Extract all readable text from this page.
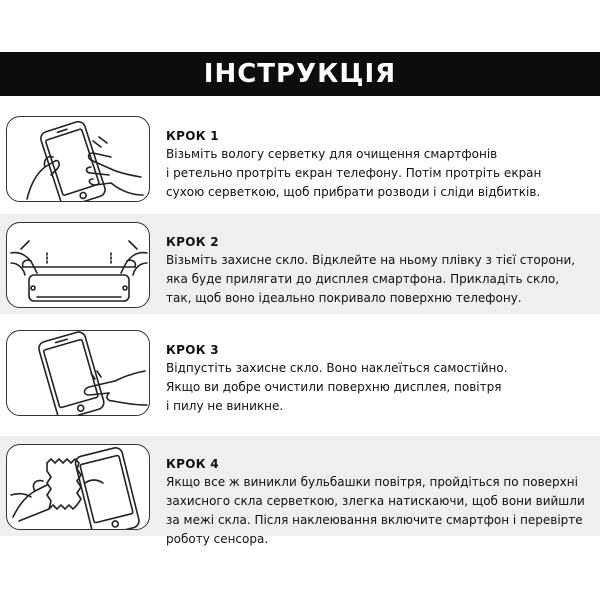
ІНСТРУКЦІЯ

КРОК 1

Візьміть вологу серветку для очищення смартфонів

і ретельно протріть екран телефону. Потім протріть екран

сухою серветкою, щоб прибрати розводи і сліди відбитків.

КРОК 2

Візьміть захисне скло. Відклейте на ньому плівку з тієї сторони,

яка буде прилягати до дисплея смартфона. Прикладіть скло,

так, щоб воно ідеально покривало поверхню телефону.

КРОК 3

Відпустіть захисне скло. Воно наклеїться самостійно.

Якщо ви добре очистили поверхню дисплея, повітря

і пилу не виникне.

КРОК 4

Якщо все ж виникли бульбашки повітря, пройдіться по поверхні

захисного скла серветкою, злегка натискаючи, щоб вони вийшли

за межі скла. Після наклеювання включите смартфон і перевірте

роботу сенсора.
